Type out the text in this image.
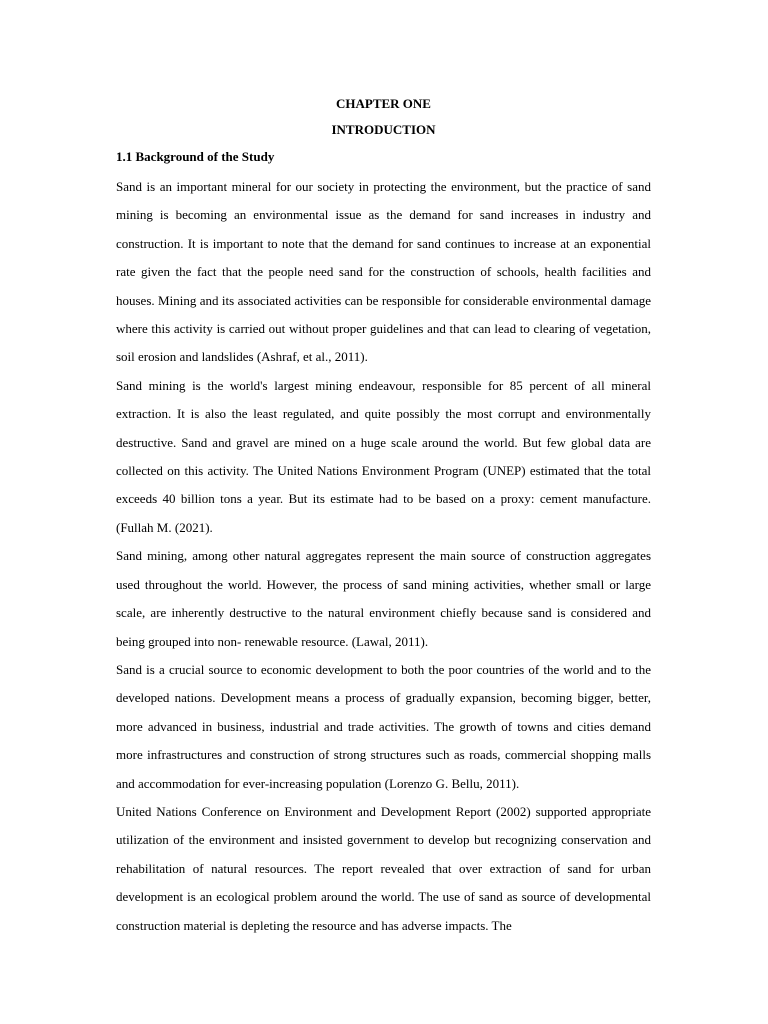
CHAPTER ONE
INTRODUCTION
1.1 Background of the Study

Sand is an important mineral for our society in protecting the environment, but the practice of sand mining is becoming an environmental issue as the demand for sand increases in industry and construction. It is important to note that the demand for sand continues to increase at an exponential rate given the fact that the people need sand for the construction of schools, health facilities and houses. Mining and its associated activities can be responsible for considerable environmental damage where this activity is carried out without proper guidelines and that can lead to clearing of vegetation, soil erosion and landslides (Ashraf, et al., 2011).

Sand mining is the world's largest mining endeavour, responsible for 85 percent of all mineral extraction. It is also the least regulated, and quite possibly the most corrupt and environmentally destructive. Sand and gravel are mined on a huge scale around the world. But few global data are collected on this activity. The United Nations Environment Program (UNEP) estimated that the total exceeds 40 billion tons a year. But its estimate had to be based on a proxy: cement manufacture. (Fullah M. (2021).

Sand mining, among other natural aggregates represent the main source of construction aggregates used throughout the world. However, the process of sand mining activities, whether small or large scale, are inherently destructive to the natural environment chiefly because sand is considered and being grouped into non- renewable resource. (Lawal, 2011).

Sand is a crucial source to economic development to both the poor countries of the world and to the developed nations. Development means a process of gradually expansion, becoming bigger, better, more advanced in business, industrial and trade activities. The growth of towns and cities demand more infrastructures and construction of strong structures such as roads, commercial shopping malls and accommodation for ever-increasing population (Lorenzo G. Bellu, 2011).

United Nations Conference on Environment and Development Report (2002) supported appropriate utilization of the environment and insisted government to develop but recognizing conservation and rehabilitation of natural resources. The report revealed that over extraction of sand for urban development is an ecological problem around the world. The use of sand as source of developmental construction material is depleting the resource and has adverse impacts. The
